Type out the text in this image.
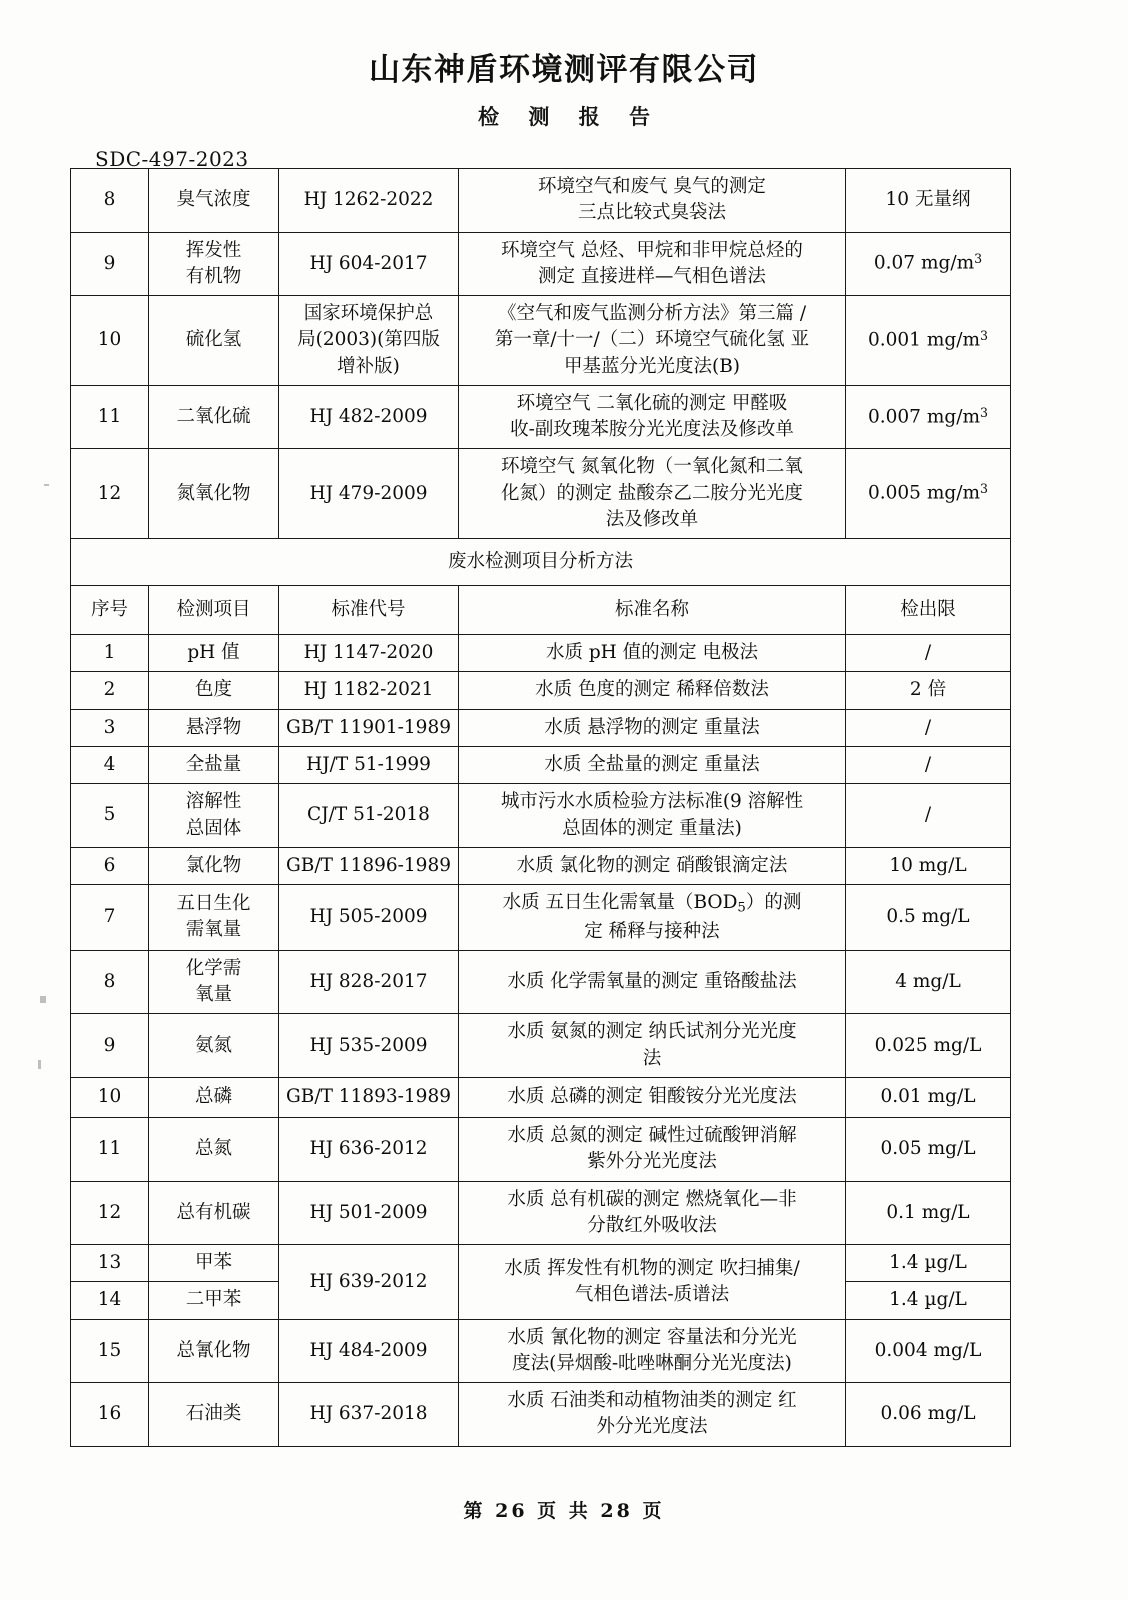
山东神盾环境测评有限公司
检 测 报 告
SDC-497-2023
8	臭气浓度	HJ 1262-2022	环境空气和废气 臭气的测定
三点比较式臭袋法	10 无量纲
9	挥发性
有机物	HJ 604-2017	环境空气 总烃、甲烷和非甲烷总烃的
测定 直接进样—气相色谱法	0.07 $mg/m^3$
10	硫化氢	国家环境保护总
局(2003)(第四版
增补版)	《空气和废气监测分析方法》第三篇 /
第一章/十一/（二）环境空气硫化氢 亚
甲基蓝分光光度法(B)	0.001 $mg/m^3$
11	二氧化硫	HJ 482-2009	环境空气 二氧化硫的测定 甲醛吸
收-副玫瑰苯胺分光光度法及修改单	0.007 $mg/m^3$
12	氮氧化物	HJ 479-2009	环境空气 氮氧化物（一氧化氮和二氧
化氮）的测定 盐酸奈乙二胺分光光度
法及修改单	0.005 $mg/m^3$
废水检测项目分析方法				
序号	检测项目	标准代号	标准名称	检出限
1	pH 值	HJ 1147-2020	水质 pH 值的测定 电极法	/
2	色度	HJ 1182-2021	水质 色度的测定 稀释倍数法	2 倍
3	悬浮物	GB/T 11901-1989	水质 悬浮物的测定 重量法	/
4	全盐量	HJ/T 51-1999	水质 全盐量的测定 重量法	/
5	溶解性
总固体	CJ/T 51-2018	城市污水水质检验方法标准(9 溶解性
总固体的测定 重量法)	/
6	氯化物	GB/T 11896-1989	水质 氯化物的测定 硝酸银滴定法	10 mg/L
7	五日生化
需氧量	HJ 505-2009	水质 五日生化需氧量$(BOD_5)$的测
定 稀释与接种法	0.5 mg/L
8	化学需
氧量	HJ 828-2017	水质 化学需氧量的测定 重铬酸盐法	4 mg/L
9	氨氮	HJ 535-2009	水质 氨氮的测定 纳氏试剂分光光度
法	0.025 mg/L
10	总磷	GB/T 11893-1989	水质 总磷的测定 钼酸铵分光光度法	0.01 mg/L
11	总氮	HJ 636-2012	水质 总氮的测定 碱性过硫酸钾消解
紫外分光光度法	0.05 mg/L
12	总有机碳	HJ 501-2009	水质 总有机碳的测定 燃烧氧化—非
分散红外吸收法	0.1 mg/L
13	甲苯	HJ 639-2012	水质 挥发性有机物的测定 吹扫捕集/
气相色谱法-质谱法	1.4 µg/L
14	二甲苯			1.4 µg/L
15	总氰化物	HJ 484-2009	水质 氰化物的测定 容量法和分光光
度法(异烟酸-吡唑啉酮分光光度法)	0.004 mg/L
16	石油类	HJ 637-2018	水质 石油类和动植物油类的测定 红
外分光光度法	0.06 mg/L
第 26 页 共 28 页
